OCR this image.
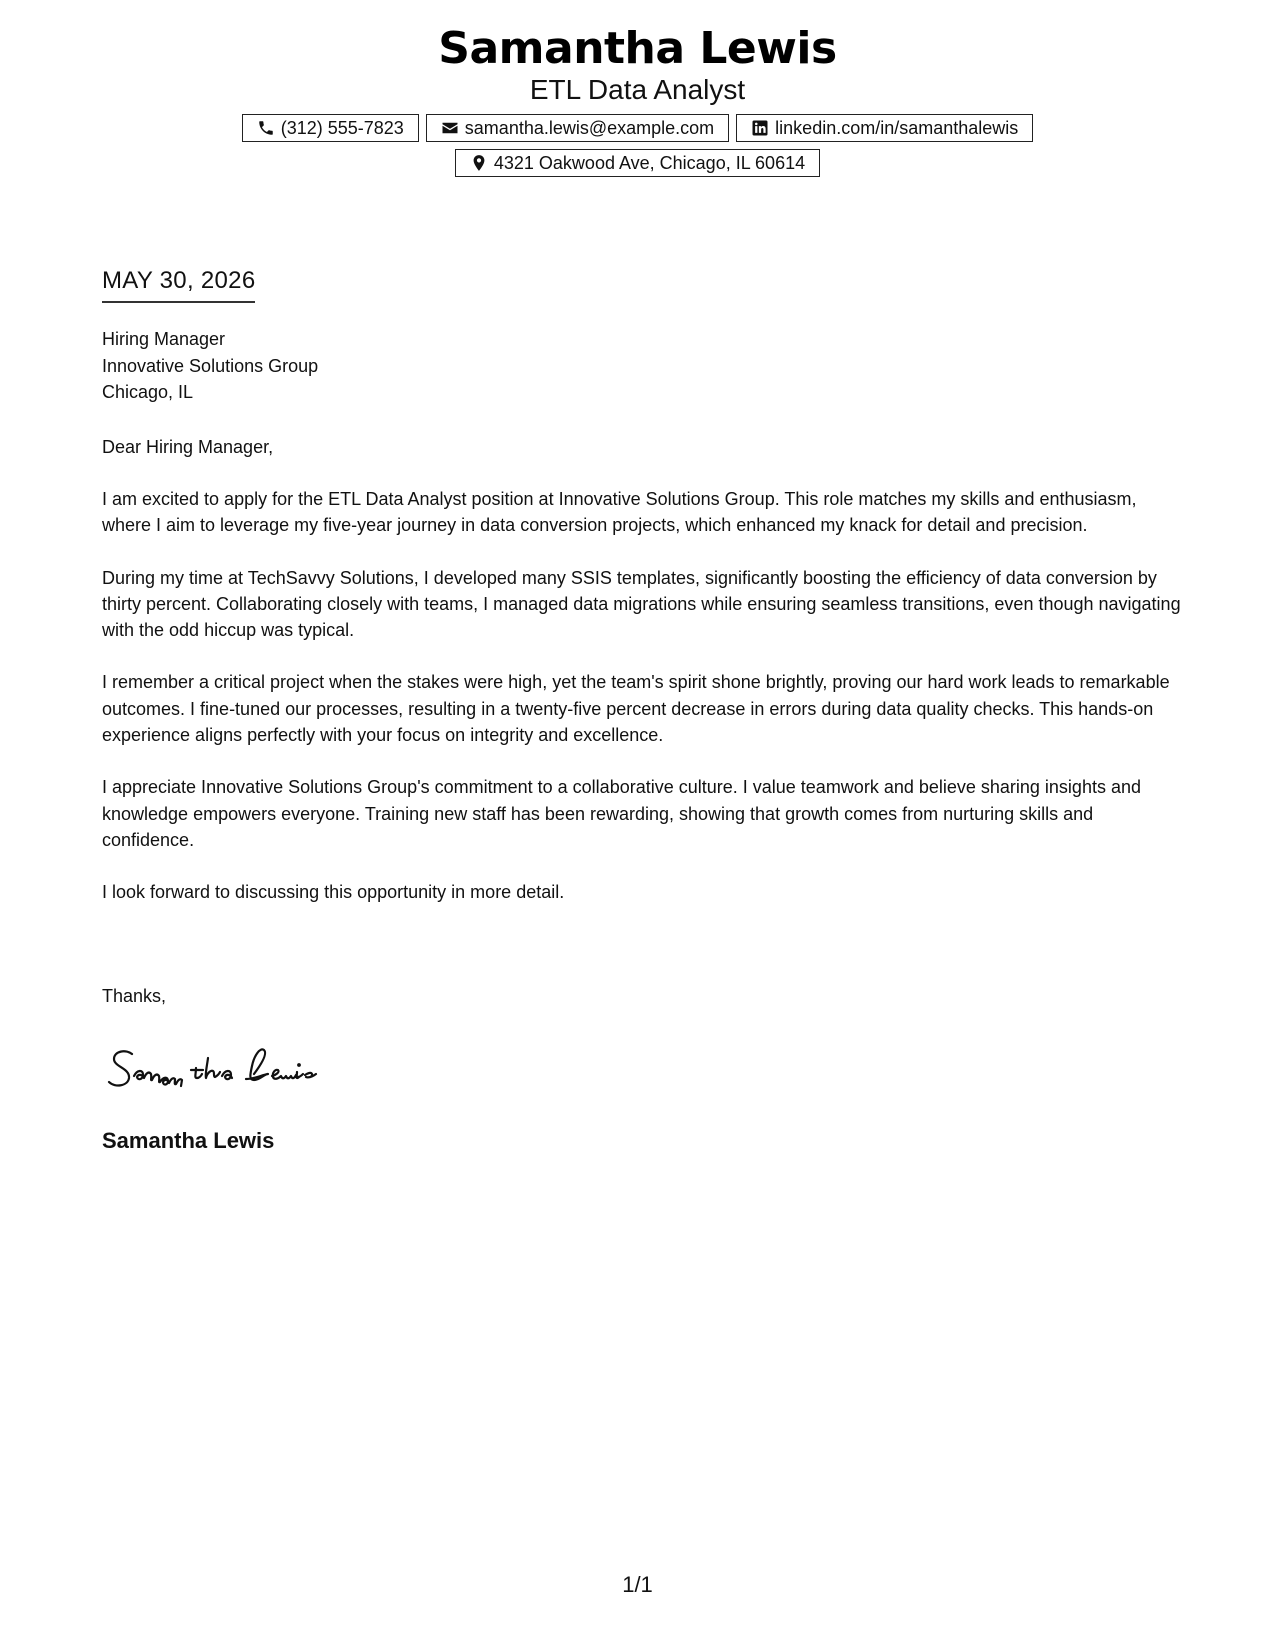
Samantha Lewis
ETL Data Analyst
(312) 555-7823	samantha.lewis@example.com	linkedin.com/in/samanthalewis
4321 Oakwood Ave, Chicago, IL 60614
MAY 30, 2026
Hiring Manager
Innovative Solutions Group
Chicago, IL
Dear Hiring Manager,

I am excited to apply for the ETL Data Analyst position at Innovative Solutions Group. This role matches my skills and enthusiasm, where I aim to leverage my five-year journey in data conversion projects, which enhanced my knack for detail and precision.

During my time at TechSavvy Solutions, I developed many SSIS templates, significantly boosting the efficiency of data conversion by thirty percent. Collaborating closely with teams, I managed data migrations while ensuring seamless transitions, even though navigating with the odd hiccup was typical.

I remember a critical project when the stakes were high, yet the team's spirit shone brightly, proving our hard work leads to remarkable outcomes. I fine-tuned our processes, resulting in a twenty-five percent decrease in errors during data quality checks. This hands-on experience aligns perfectly with your focus on integrity and excellence.

I appreciate Innovative Solutions Group's commitment to a collaborative culture. I value teamwork and believe sharing insights and knowledge empowers everyone. Training new staff has been rewarding, showing that growth comes from nurturing skills and confidence.

I look forward to discussing this opportunity in more detail.

Thanks,
Samantha Lewis
1/1
